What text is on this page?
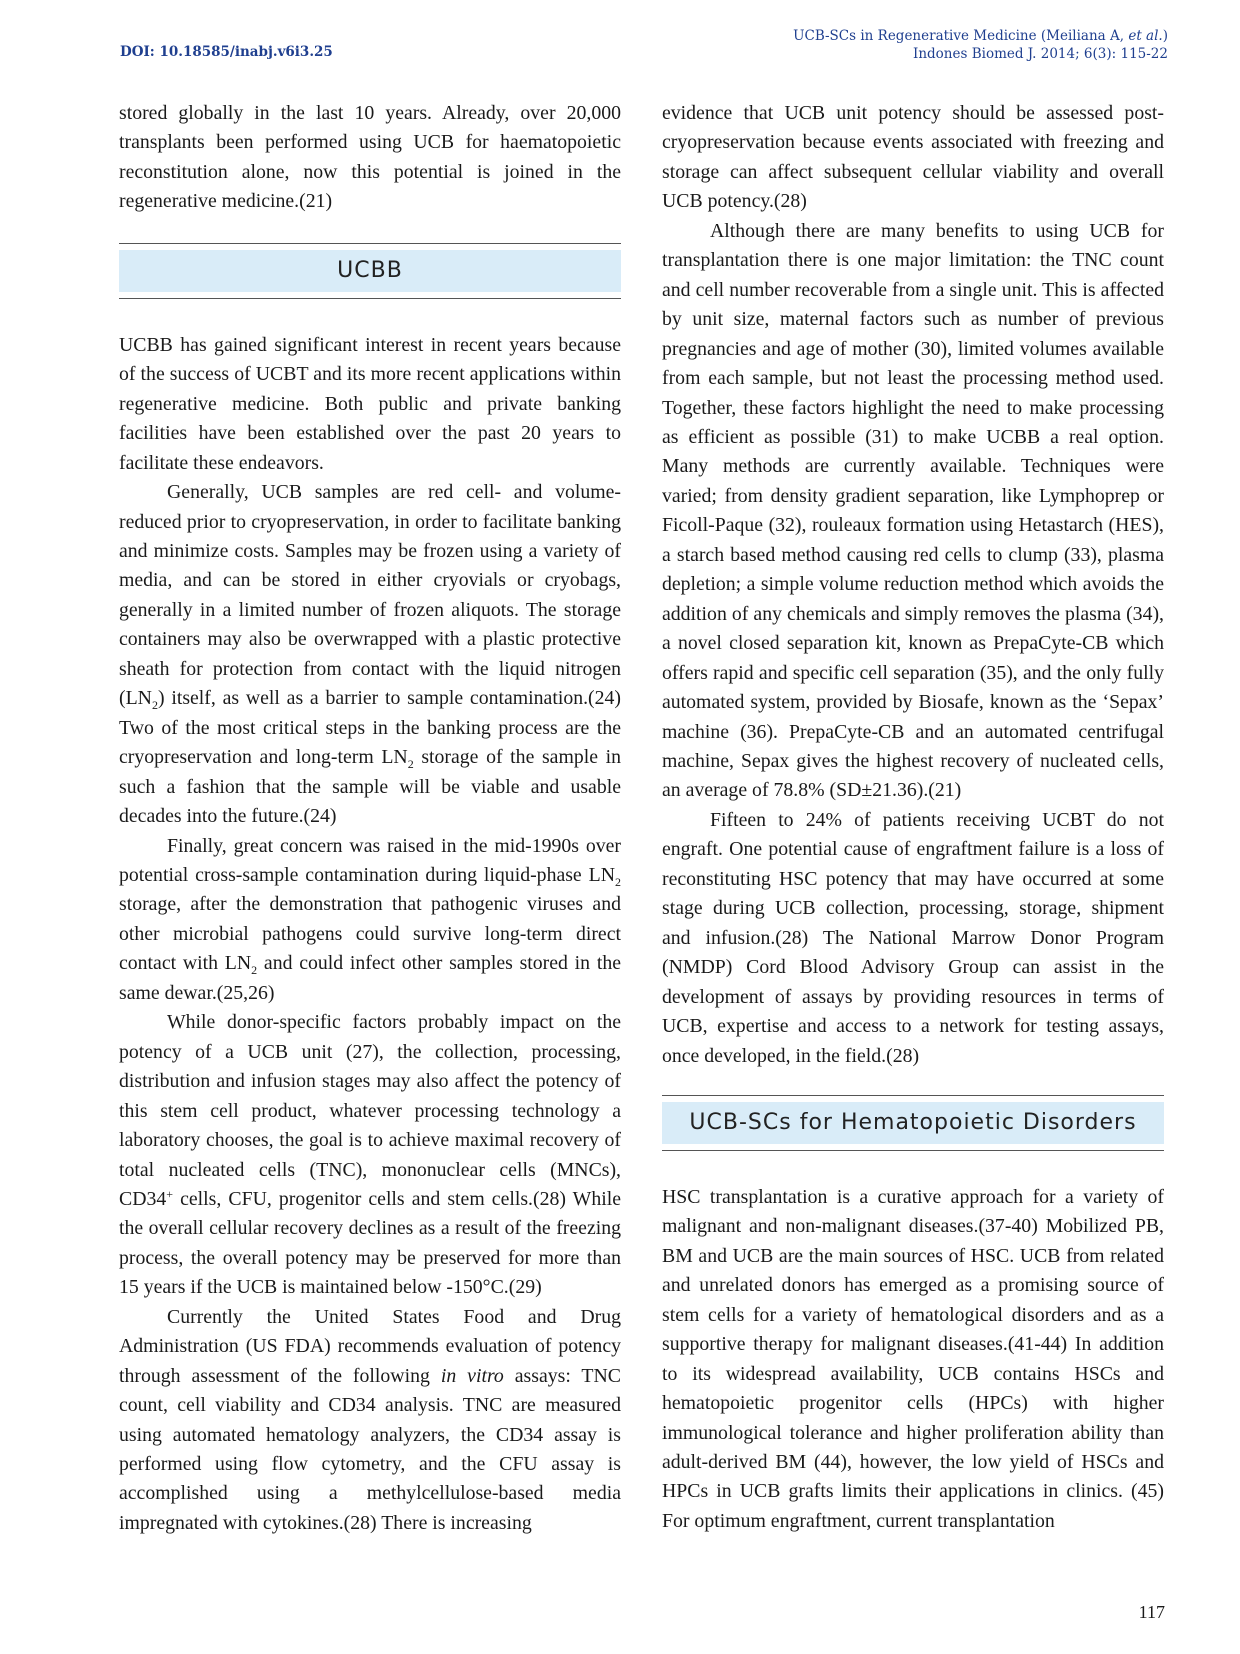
DOI: 10.18585/inabj.v6i3.25
UCB-SCs in Regenerative Medicine (Meiliana A, et al.)
Indones Biomed J. 2014; 6(3): 115-22

stored globally in the last 10 years. Already, over 20,000 transplants been performed using UCB for haematopoietic reconstitution alone, now this potential is joined in the regenerative medicine.(21)

UCBB

UCBB has gained significant interest in recent years because of the success of UCBT and its more recent applications within regenerative medicine. Both public and private banking facilities have been established over the past 20 years to facilitate these endeavors.

Generally, UCB samples are red cell- and volume-reduced prior to cryopreservation, in order to facilitate banking and minimize costs. Samples may be frozen using a variety of media, and can be stored in either cryovials or cryobags, generally in a limited number of frozen aliquots. The storage containers may also be overwrapped with a plastic protective sheath for protection from contact with the liquid nitrogen $(LN_2)$ itself, as well as a barrier to sample contamination.(24) Two of the most critical steps in the banking process are the cryopreservation and long-term $LN_2$ storage of the sample in such a fashion that the sample will be viable and usable decades into the future.(24)

Finally, great concern was raised in the mid-1990s over potential cross-sample contamination during liquid-phase $LN_2$ storage, after the demonstration that pathogenic viruses and other microbial pathogens could survive long-term direct contact with $LN_2$ and could infect other samples stored in the same dewar.(25,26)

While donor-specific factors probably impact on the potency of a UCB unit (27), the collection, processing, distribution and infusion stages may also affect the potency of this stem cell product, whatever processing technology a laboratory chooses, the goal is to achieve maximal recovery of total nucleated cells (TNC), mononuclear cells (MNCs), CD34+ cells, CFU, progenitor cells and stem cells.(28) While the overall cellular recovery declines as a result of the freezing process, the overall potency may be preserved for more than 15 years if the UCB is maintained below -150°C.(29)

Currently the United States Food and Drug Administration (US FDA) recommends evaluation of potency through assessment of the following in vitro assays: TNC count, cell viability and CD34 analysis. TNC are measured using automated hematology analyzers, the CD34 assay is performed using flow cytometry, and the CFU assay is accomplished using a methylcellulose-based media impregnated with cytokines.(28) There is increasing

evidence that UCB unit potency should be assessed post-cryopreservation because events associated with freezing and storage can affect subsequent cellular viability and overall UCB potency.(28)

Although there are many benefits to using UCB for transplantation there is one major limitation: the TNC count and cell number recoverable from a single unit. This is affected by unit size, maternal factors such as number of previous pregnancies and age of mother (30), limited volumes available from each sample, but not least the processing method used. Together, these factors highlight the need to make processing as efficient as possible (31) to make UCBB a real option. Many methods are currently available. Techniques were varied; from density gradient separation, like Lymphoprep or Ficoll-Paque (32), rouleaux formation using Hetastarch (HES), a starch based method causing red cells to clump (33), plasma depletion; a simple volume reduction method which avoids the addition of any chemicals and simply removes the plasma (34), a novel closed separation kit, known as PrepaCyte-CB which offers rapid and specific cell separation (35), and the only fully automated system, provided by Biosafe, known as the ‘Sepax’ machine (36). PrepaCyte-CB and an automated centrifugal machine, Sepax gives the highest recovery of nucleated cells, an average of 78.8% (SD±21.36).(21)

Fifteen to 24% of patients receiving UCBT do not engraft. One potential cause of engraftment failure is a loss of reconstituting HSC potency that may have occurred at some stage during UCB collection, processing, storage, shipment and infusion.(28) The National Marrow Donor Program (NMDP) Cord Blood Advisory Group can assist in the development of assays by providing resources in terms of UCB, expertise and access to a network for testing assays, once developed, in the field.(28)

UCB-SCs for Hematopoietic Disorders

HSC transplantation is a curative approach for a variety of malignant and non-malignant diseases.(37-40) Mobilized PB, BM and UCB are the main sources of HSC. UCB from related and unrelated donors has emerged as a promising source of stem cells for a variety of hematological disorders and as a supportive therapy for malignant diseases.(41-44) In addition to its widespread availability, UCB contains HSCs and hematopoietic progenitor cells (HPCs) with higher immunological tolerance and higher proliferation ability than adult-derived BM (44), however, the low yield of HSCs and HPCs in UCB grafts limits their applications in clinics. (45) For optimum engraftment, current transplantation

117
